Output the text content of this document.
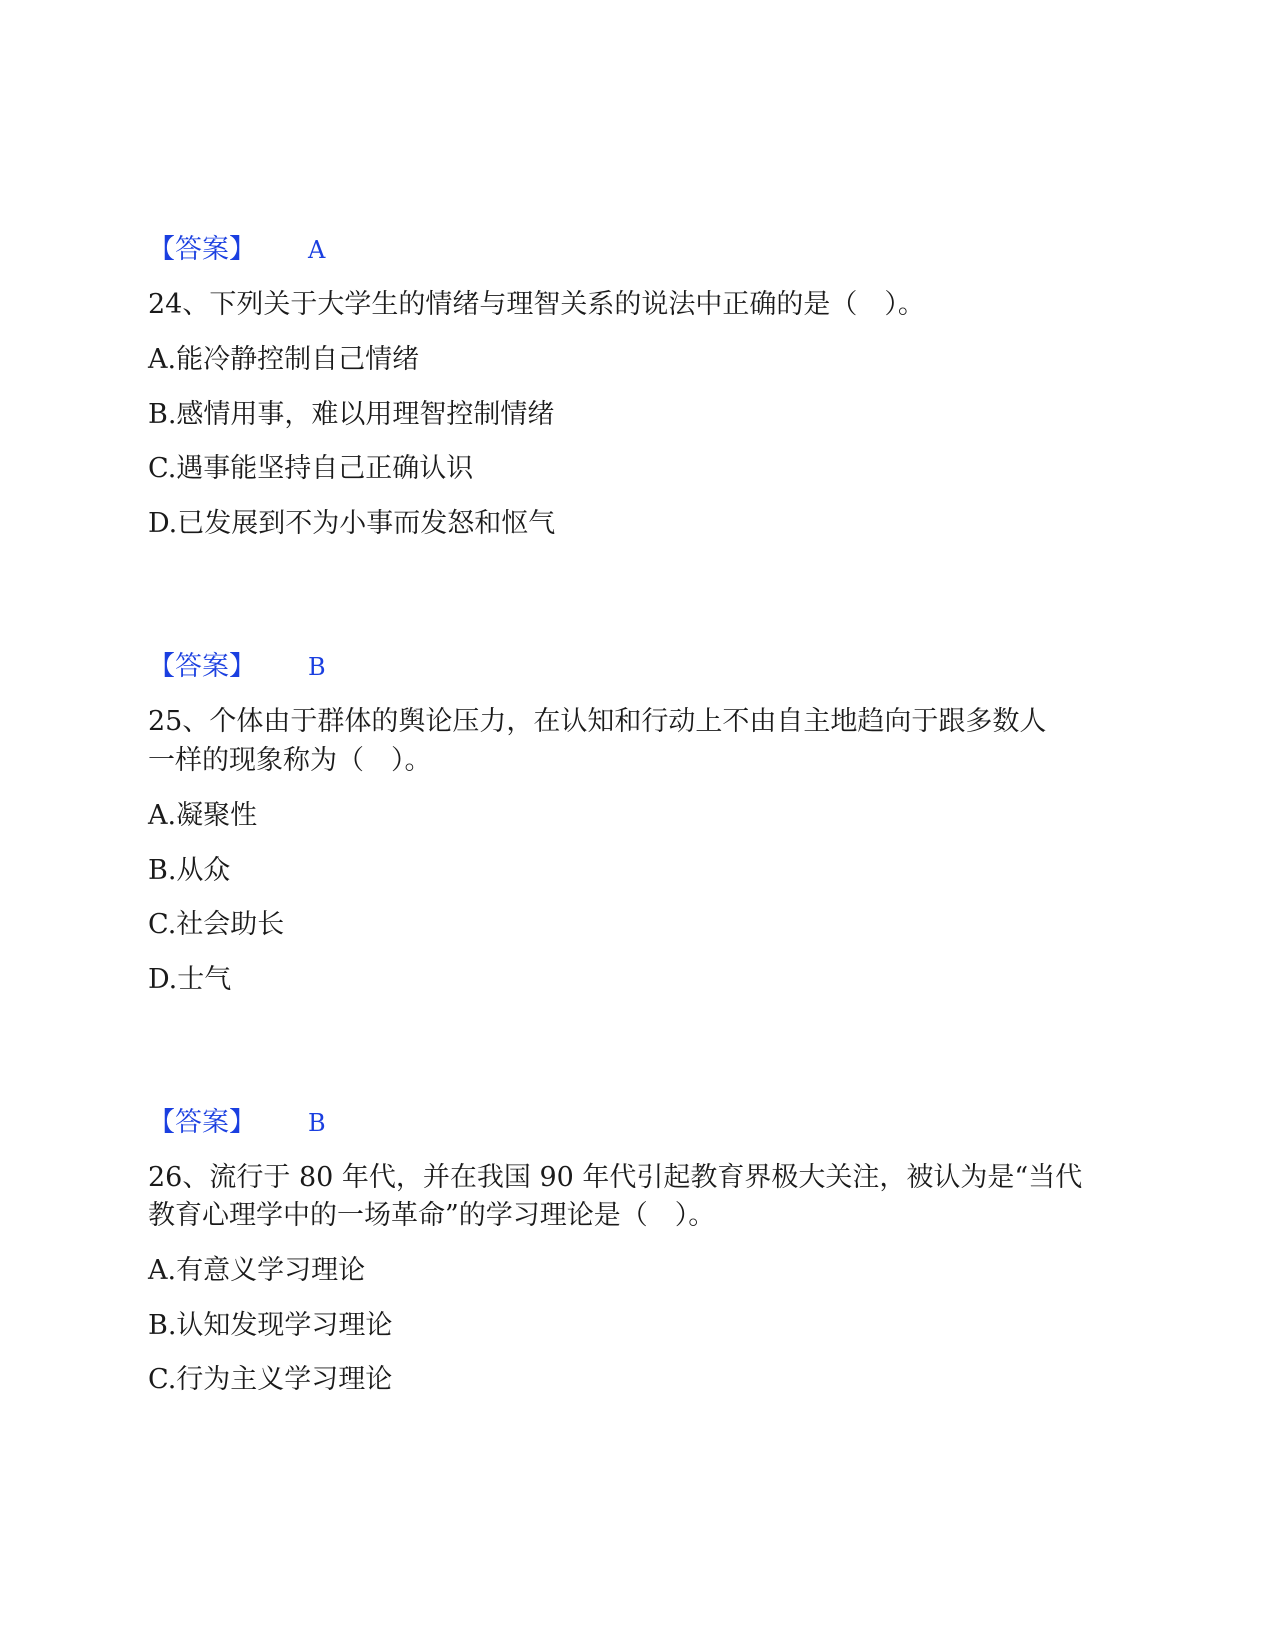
【答案】 A
24、下列关于大学生的情绪与理智关系的说法中正确的是（　）。
A.能冷静控制自己情绪
B.感情用事，难以用理智控制情绪
C.遇事能坚持自己正确认识
D.已发展到不为小事而发怒和怄气
【答案】 B
25、个体由于群体的舆论压力，在认知和行动上不由自主地趋向于跟多数人
一样的现象称为（　）。
A.凝聚性
B.从众
C.社会助长
D.士气
【答案】 B
26、流行于 80 年代，并在我国 90 年代引起教育界极大关注，被认为是“当代
教育心理学中的一场革命”的学习理论是（　）。
A.有意义学习理论
B.认知发现学习理论
C.行为主义学习理论
